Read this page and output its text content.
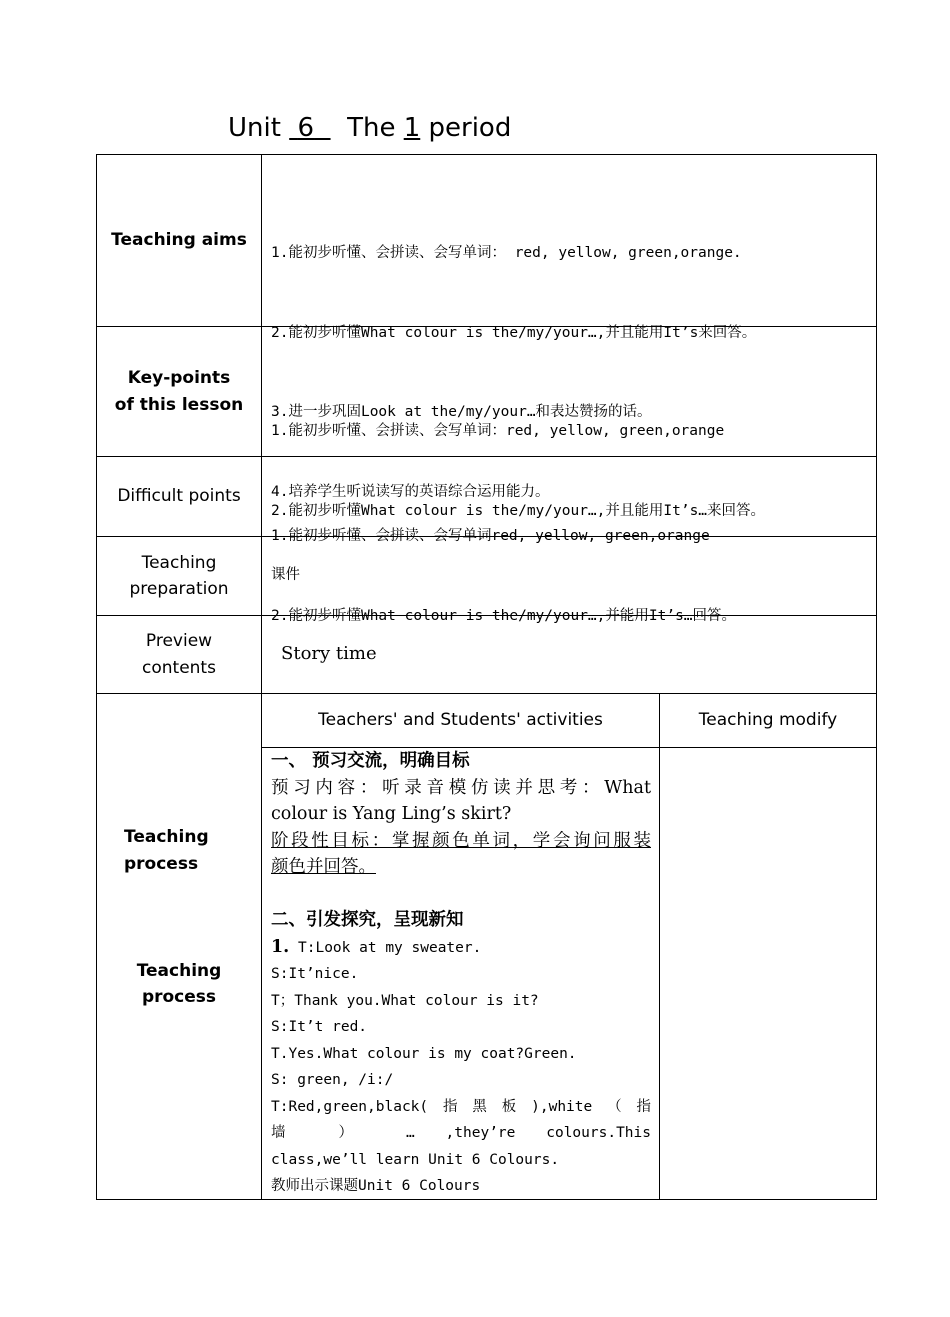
Unit 6 The 1 period
Teaching aims

1.能初步听懂、会拼读、会写单词： red, yellow, green,orange.

2.能初步听懂What colour is the/my/your…,并且能用It’s来回答。

3.进一步巩固Look at the/my/your…和表达赞扬的话。

4.培养学生听说读写的英语综合运用能力。

Key-points
of this lesson

1.能初步听懂、会拼读、会写单词：red, yellow, green,orange

2.能初步听懂What colour is the/my/your…,并且能用It’s…来回答。

Difficult points

1.能初步听懂、会拼读、会写单词red, yellow, green,orange

2.能初步听懂What colour is the/my/your…,并能用It’s…回答。

Teaching
preparation
课件
Preview
contents
Story time
Teaching
process
Teaching
process
Teachers' and Students' activities	Teaching modify
一、 预习交流，明确目标
预习内容：听录音模仿读并思考：What
colour is Yang Ling’s skirt?
阶段性目标：掌握颜色单词，学会询问服装
颜色并回答。
二、引发探究，呈现新知
1. T:Look at my sweater.
S:It’nice.
T；Thank you.What colour is it?
S:It’t red.
T.Yes.What colour is my coat?Green.
S: green, /i:/
T:Red,green,black(指黑板),white（指
墙 ） … ,they’re colours.This
class,we’ll learn Unit 6 Colours.
教师出示课题Unit 6 Colours
